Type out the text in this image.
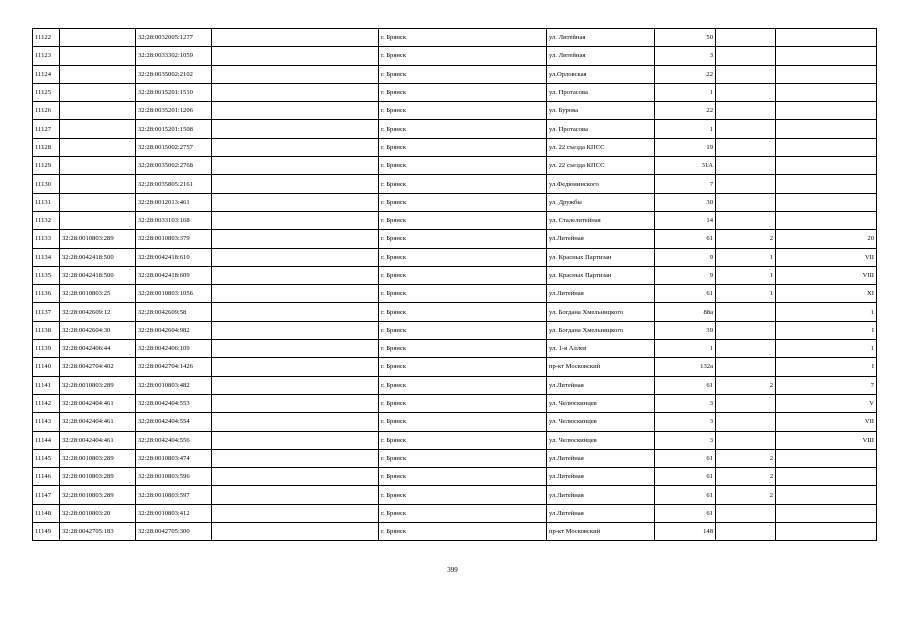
11122		32:28:0032005:1277		г. Брянск	ул. Литейная	50		
11123		32:28:0033302:1059		г. Брянск	ул. Литейная	3		
11124		32:28:0035002:2102		г. Брянск	ул.Орловская	22		
11125		32:28:0015201:1510		г. Брянск	ул. Протасова	1		
11126		32:28:0035201:1206		г. Брянск	ул. Бурова	22		
11127		32:28:0015201:1508		г. Брянск	ул. Протасова	1		
11128		32:28:0015002:2757		г. Брянск	ул. 22 съезда КПСС	19		
11129		32:28:0035002:2768		г. Брянск	ул. 22 съезда КПСС	31А		
11130		32:28:0035805:2161		г. Брянск	ул.Федюнинского	7		
11131		32:28:0012013:461		г. Брянск	ул. Дружбы	30		
11132		32:28:0033103:168		г. Брянск	ул. Сталелитейная	14		
11133	32:28:0010803:289	32:28:0010803:379		г. Брянск	ул.Литейная	61	2	20
11134	32:28:0042418:500	32:28:0042418:610		г. Брянск	ул. Красных Партизан	9	1	VII
11135	32:28:0042418:500	32:28:0042418:609		г. Брянск	ул. Красных Партизан	9	1	VIII
11136	32:28:0010803:25	32:28:0010803:1056		г. Брянск	ул.Литейная	61	1	XI
11137	32:28:0042609:12	32:28:0042609:58		г. Брянск	ул. Богдана Хмельницкого	88а		1
11138	32:28:0042604:30	32:28:0042604:982		г. Брянск	ул. Богдана Хмельницкого	39		I
11139	32:28:0042406:44	32:28:0042406:109		г. Брянск	ул. 1-я Аллея	1		1
11140	32:28:0042704:402	32:28:0042704:1426		г. Брянск	пр-кт Московский	132а		I
11141	32:28:0010803:289	32:28:0010803:482		г. Брянск	ул.Литейная	61	2	7
11142	32:28:0042404:461	32:28:0042404:553		г. Брянск	ул. Челюскинцев	3		V
11143	32:28:0042404:461	32:28:0042404:554		г. Брянск	ул. Челюскинцев	3		VII
11144	32:28:0042404:461	32:28:0042404:556		г. Брянск	ул. Челюскинцев	3		VIII
11145	32:28:0010803:289	32:28:0010803:474		г. Брянск	ул.Литейная	61	2	
11146	32:28:0010803:289	32:28:0010803:596		г. Брянск	ул.Литейная	61	2	
11147	32:28:0010803:289	32:28:0010803:597		г. Брянск	ул.Литейная	61	2	
11148	32:28:0010803:20	32:28:0010803:412		г. Брянск	ул.Литейная	61		
11149	32:28:0042705:183	32:28:0042705:300		г. Брянск	пр-кт Московский	148		
399
